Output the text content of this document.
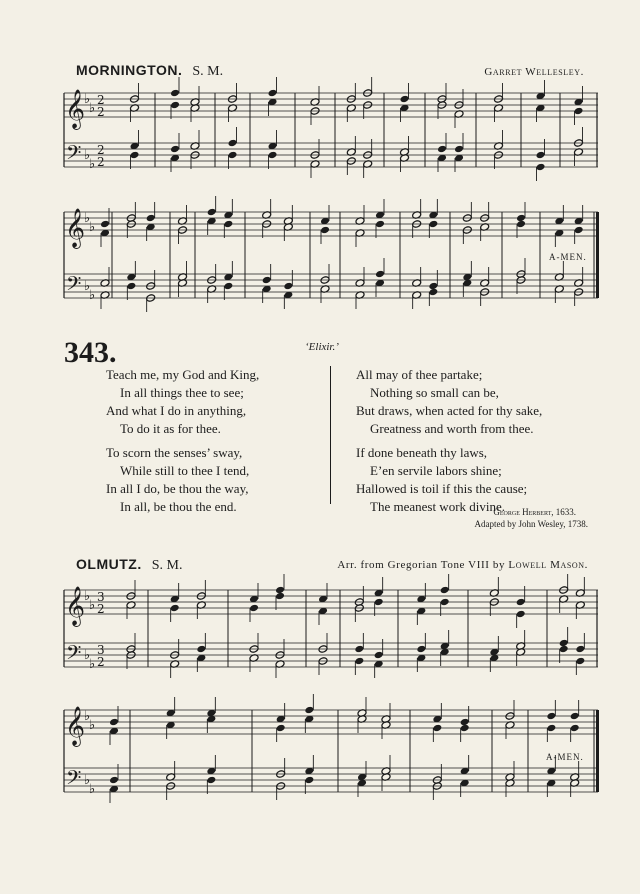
MORNINGTON. S. M.	Garret Wellesley.
𝄞
𝄢
♭
♭
♭
♭
2
2
2
2
𝄞
𝄢
♭
♭
♭
♭
𝄞
𝄢
♭
♭
♭
♭
3
2
3
2
𝄞
𝄢
♭
♭
♭
♭
A-MEN.
343.	‘Elixir.’
Teach me, my God and King,
In all things thee to see;
And what I do in anything,
To do it as for thee.
To scorn the senses’ sway,
While still to thee I tend,
In all I do, be thou the way,
In all, be thou the end.
All may of thee partake;
Nothing so small can be,
But draws, when acted for thy sake,
Greatness and worth from thee.
If done beneath thy laws,
E’en servile labors shine;
Hallowed is toil if this the cause;
The meanest work divine.
George Herbert, 1633.
Adapted by John Wesley, 1738.
OLMUTZ. S. M.	Arr. from Gregorian Tone VIII by Lowell Mason.
A-MEN.
